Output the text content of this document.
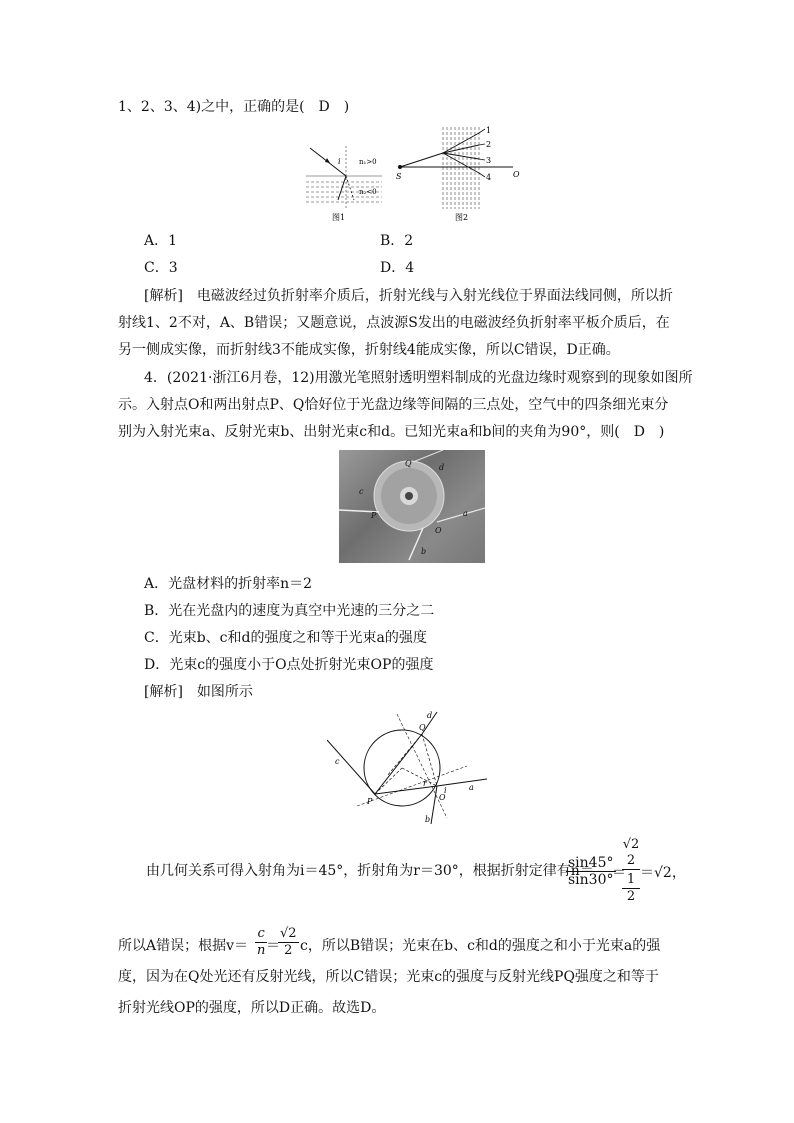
1、2、3、4)之中，正确的是(　D　)
i	n₁>0
n₂<0
图1
1
2
3
4
S	O
图2
A．1	B．2
C．3	D．4
[解析]　电磁波经过负折射率介质后，折射光线与入射光线位于界面法线同侧，所以折
射线1、2不对，A、B错误；又题意说，点波源S发出的电磁波经负折射率平板介质后，在
另一侧成实像，而折射线3不能成实像，折射线4能成实像，所以C错误，D正确。
4．(2021·浙江6月卷，12)用激光笔照射透明塑料制成的光盘边缘时观察到的现象如图所
示。入射点O和两出射点P、Q恰好位于光盘边缘等间隔的三点处，空气中的四条细光束分
别为入射光束a、反射光束b、出射光束c和d。已知光束a和b间的夹角为90°，则(　D　)
Q	d
c
P
O
a
b
A．光盘材料的折射率n＝2
B．光在光盘内的速度为真空中光速的三分之二
C．光束b、c和d的强度之和等于光束a的强度
D．光束c的强度小于O点处折射光束OP的强度
[解析]　如图所示
Q
d
c
P	O
a
b
r
i
由几何关系可得入射角为i＝45°，折射角为r＝30°，根据折射定律有n＝
$\frac{\sin 45^\circ}{\sin 30^\circ}$
＝
√2
2
1
2
＝√2，
所以A错误；根据$v= \frac{c}{n}$
＝
$\frac{√2}{2}$ c，所以B错误；光束在b、c和d的强度之和小于光束a的强
度，因为在Q处光还有反射光线，所以C错误；光束c的强度与反射光线PQ强度之和等于
折射光线OP的强度，所以D正确。故选D。
